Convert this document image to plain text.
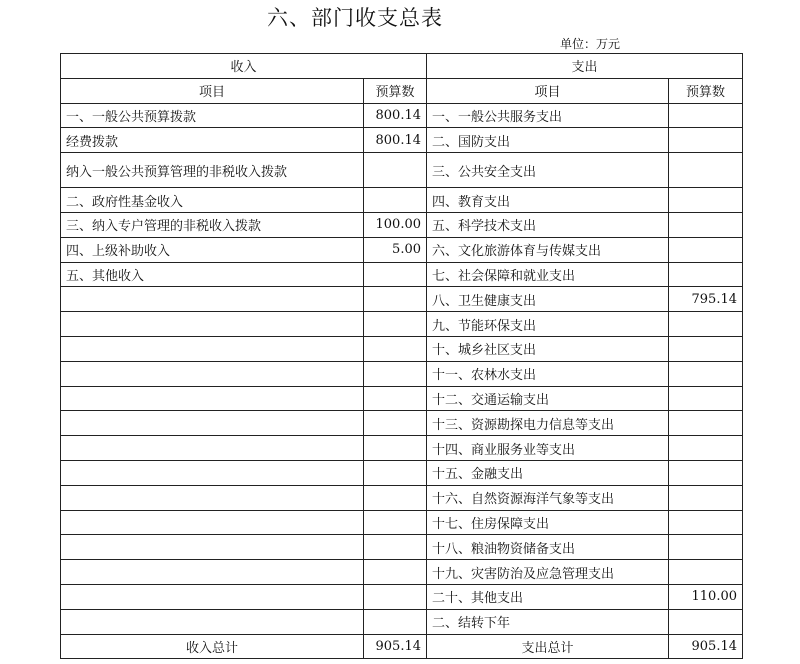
六、部门收支总表
单位：万元
收入		支出	
项目	预算数	项目	预算数
一、一般公共预算拨款	800.14	一、一般公共服务支出	
经费拨款	800.14	二、国防支出	
纳入一般公共预算管理的非税收入拨款		三、公共安全支出	
二、政府性基金收入		四、教育支出	
三、纳入专户管理的非税收入拨款	100.00	五、科学技术支出	
四、上级补助收入	5.00	六、文化旅游体育与传媒支出	
五、其他收入		七、社会保障和就业支出	
		八、卫生健康支出	795.14
		九、节能环保支出	
		十、城乡社区支出	
		十一、农林水支出	
		十二、交通运输支出	
		十三、资源勘探电力信息等支出	
		十四、商业服务业等支出	
		十五、金融支出	
		十六、自然资源海洋气象等支出	
		十七、住房保障支出	
		十八、粮油物资储备支出	
		十九、灾害防治及应急管理支出	
		二十、其他支出	110.00
		二、结转下年	
收入总计	905.14	支出总计	905.14
